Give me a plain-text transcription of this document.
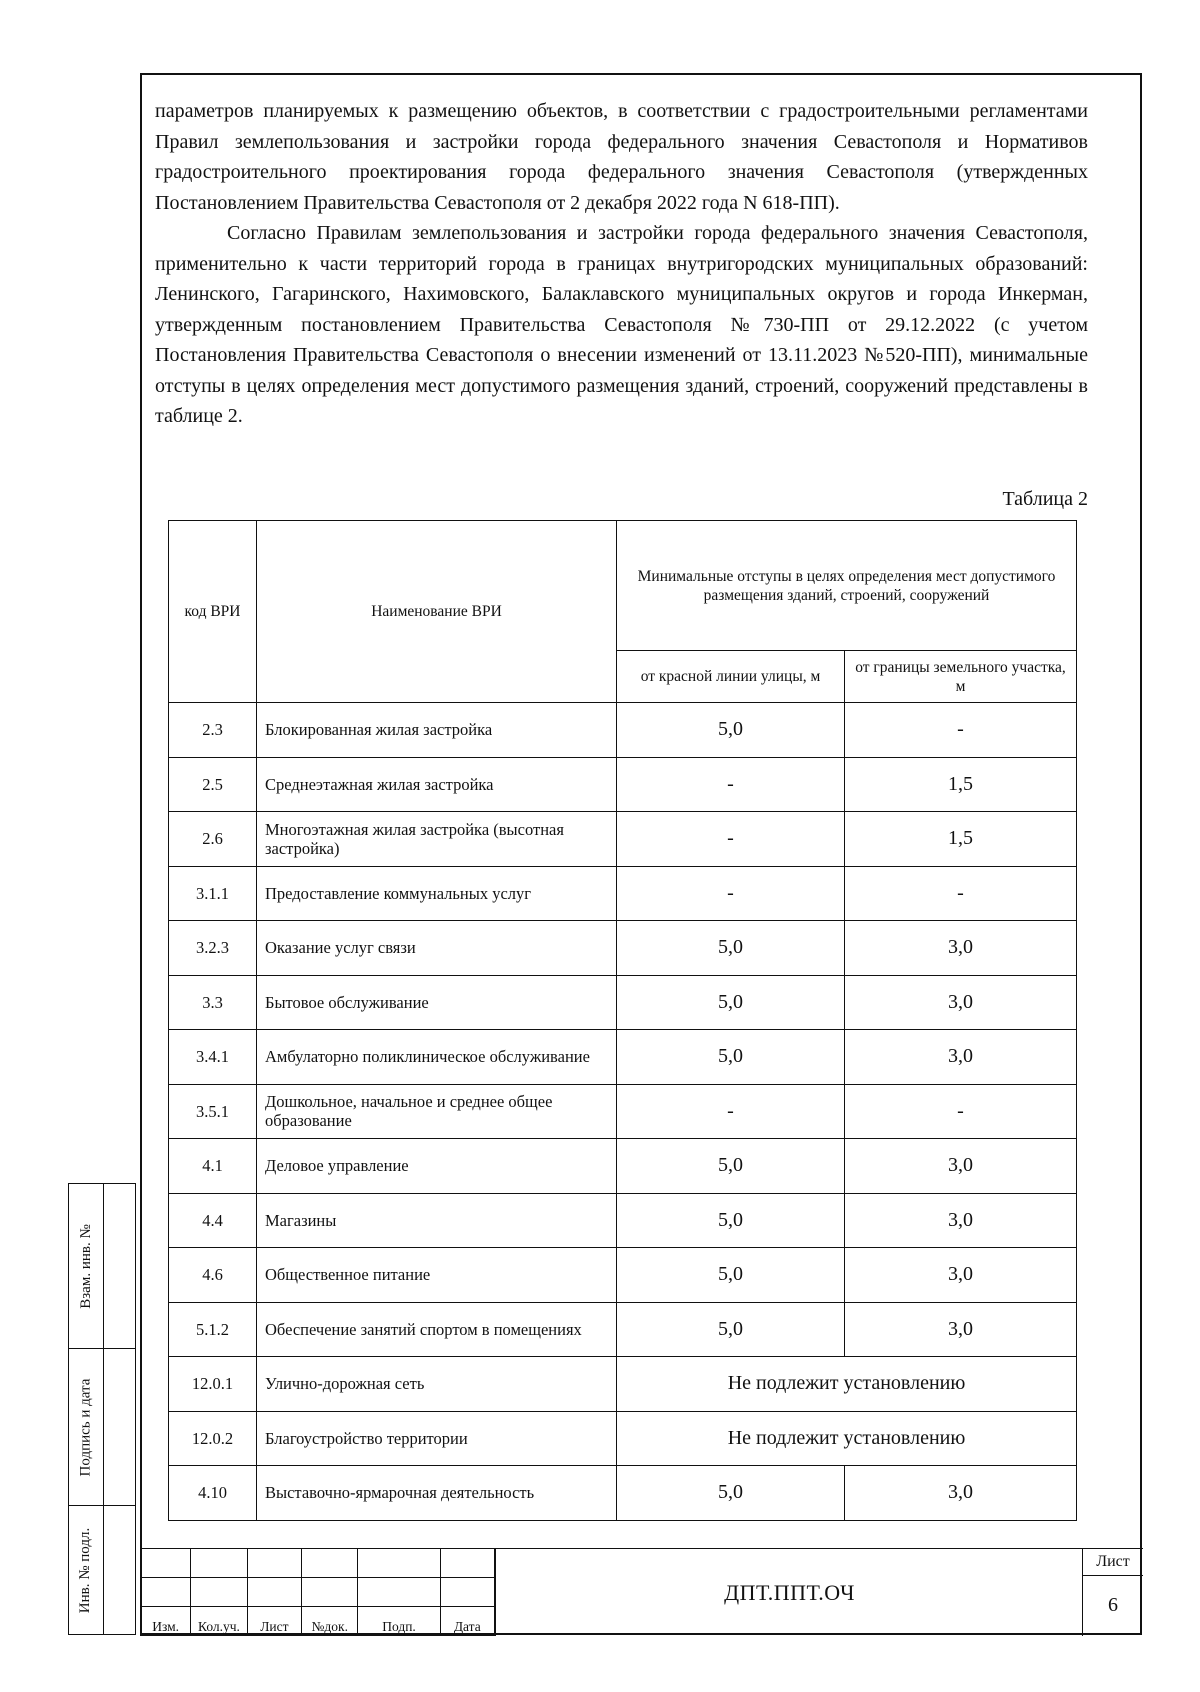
параметров планируемых к размещению объектов, в соответствии с градостроительными регламентами Правил землепользования и застройки города федерального значения Севастополя и Нормативов градостроительного проектирования города федерального значения Севастополя (утвержденных Постановлением Правительства Севастополя от 2 декабря 2022 года N 618-ПП).

Согласно Правилам землепользования и застройки города федерального значения Севастополя, применительно к части территорий города в границах внутригородских муниципальных образований: Ленинского, Гагаринского, Нахимовского, Балаклавского муниципальных округов и города Инкерман, утвержденным постановлением Правительства Севастополя №730-ПП от 29.12.2022 (с учетом Постановления Правительства Севастополя о внесении изменений от 13.11.2023 №520-ПП), минимальные отступы в целях определения мест допустимого размещения зданий, строений, сооружений представлены в таблице 2.

Таблица 2
код ВРИ	Наименование ВРИ	Минимальные отступы в целях определения мест допустимого размещения зданий, строений, сооружений	
		от красной линии улицы, м	от границы земельного участка, м
2.3	Блокированная жилая застройка	5,0	-
2.5	Среднеэтажная жилая застройка	-	1,5
2.6	Многоэтажная жилая застройка (высотная застройка)	-	1,5
3.1.1	Предоставление коммунальных услуг	-	-
3.2.3	Оказание услуг связи	5,0	3,0
3.3	Бытовое обслуживание	5,0	3,0
3.4.1	Амбулаторно поликлиническое обслуживание	5,0	3,0
3.5.1	Дошкольное, начальное и среднее общее образование	-	-
4.1	Деловое управление	5,0	3,0
4.4	Магазины	5,0	3,0
4.6	Общественное питание	5,0	3,0
5.1.2	Обеспечение занятий спортом в помещениях	5,0	3,0
12.0.1	Улично-дорожная сеть	Не подлежит установлению	
12.0.2	Благоустройство территории	Не подлежит установлению	
4.10	Выставочно-ярмарочная деятельность	5,0	3,0
Взам. инв. №
Подпись и дата
Инв. № подл.

Изм.	Кол.уч.	Лист	№док.	Подп.	Дата
ДПТ.ППТ.ОЧ
Лист
6
